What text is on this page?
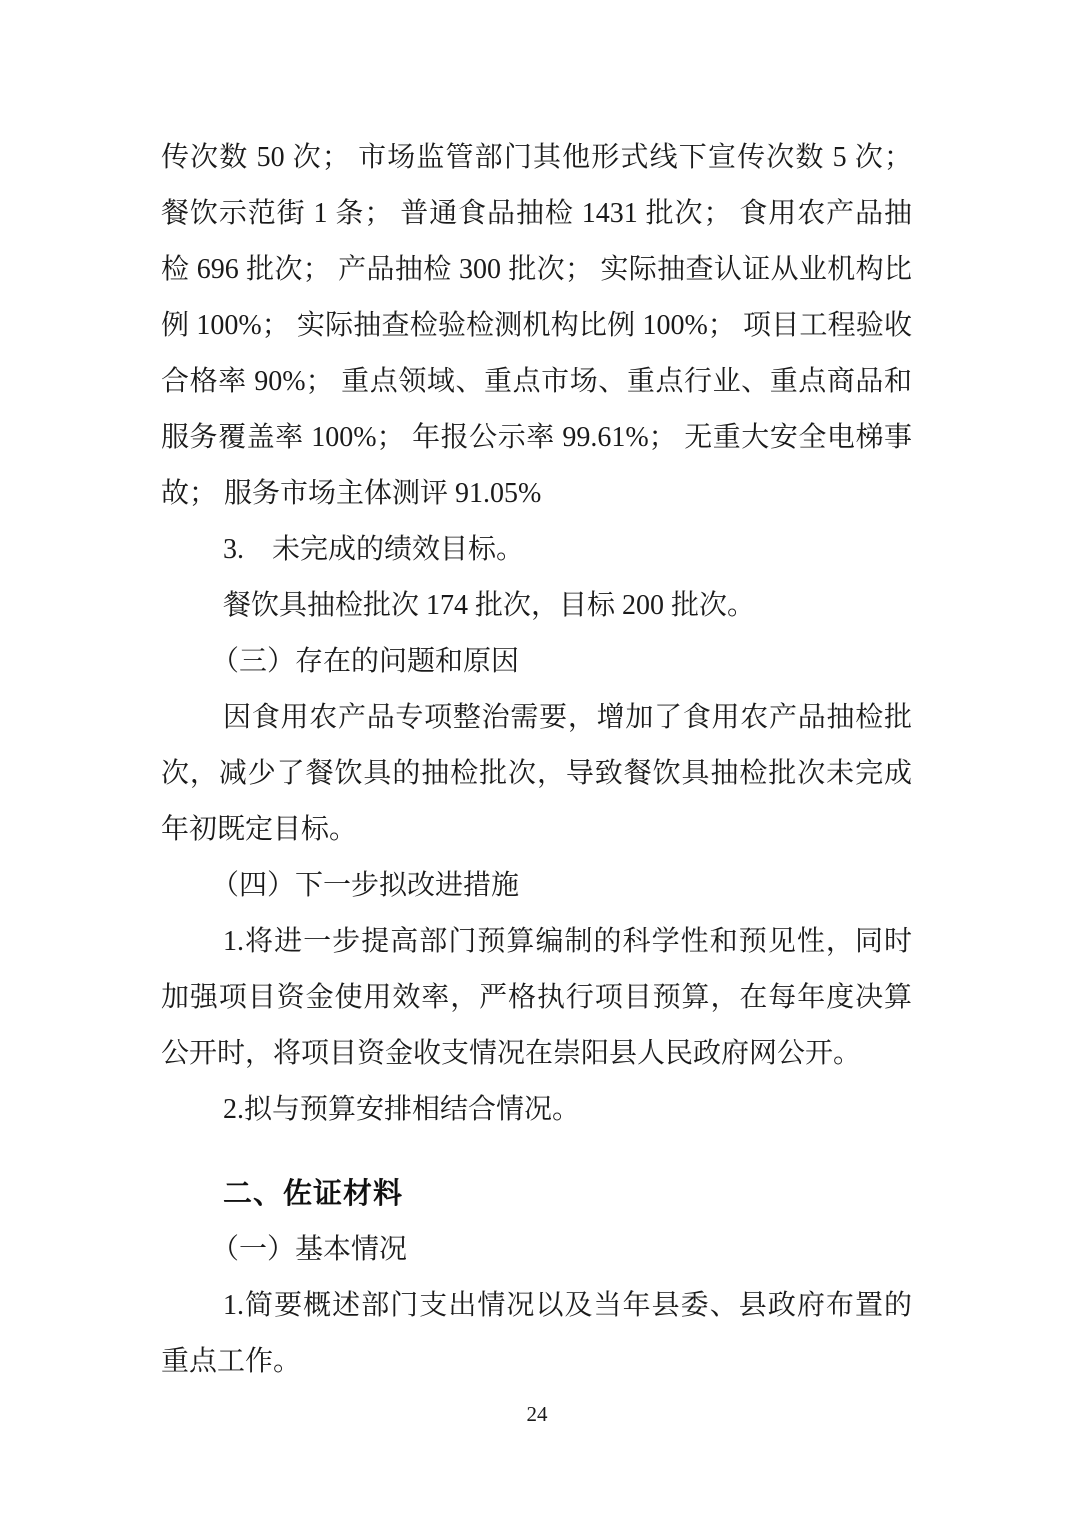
传次数 50 次； 市场监管部门其他形式线下宣传次数 5 次；
餐饮示范街 1 条； 普通食品抽检 1431 批次； 食用农产品抽
检 696 批次； 产品抽检 300 批次； 实际抽查认证从业机构比
例 100%； 实际抽查检验检测机构比例 100%； 项目工程验收
合格率 90%； 重点领域、重点市场、重点行业、重点商品和
服务覆盖率 100%； 年报公示率 99.61%； 无重大安全电梯事
故； 服务市场主体测评 91.05%
3.　未完成的绩效目标。
餐饮具抽检批次 174 批次，目标 200 批次。
（三）存在的问题和原因
因食用农产品专项整治需要，增加了食用农产品抽检批
次，减少了餐饮具的抽检批次，导致餐饮具抽检批次未完成
年初既定目标。
（四）下一步拟改进措施
1.将进一步提高部门预算编制的科学性和预见性，同时
加强项目资金使用效率，严格执行项目预算，在每年度决算
公开时，将项目资金收支情况在崇阳县人民政府网公开。
2.拟与预算安排相结合情况。
二、佐证材料
（一）基本情况
1.简要概述部门支出情况以及当年县委、县政府布置的
重点工作。
24
